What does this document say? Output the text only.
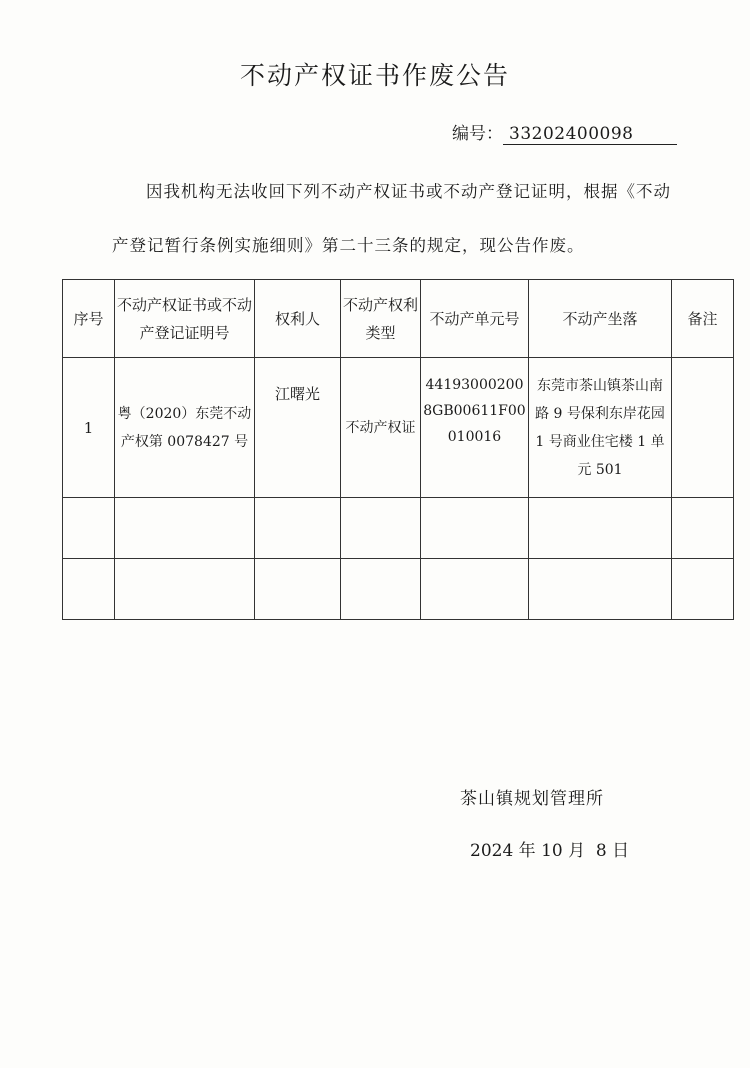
不动产权证书作废公告
编号： 33202400098
因我机构无法收回下列不动产权证书或不动产登记证明，根据《不动
产登记暂行条例实施细则》第二十三条的规定，现公告作废。
序号	不动产权证书或不动产登记证明号	权利人	不动产权利类型	不动产单元号	不动产坐落	备注
1	粤（2020）东莞不动产权第 0078427 号	江曙光	不动产权证	441930002008GB00611F00010016	东莞市茶山镇茶山南路 9 号保利东岸花园 1 号商业住宅楼 1 单元 501	

茶山镇规划管理所
2024 年 10 月  8 日
